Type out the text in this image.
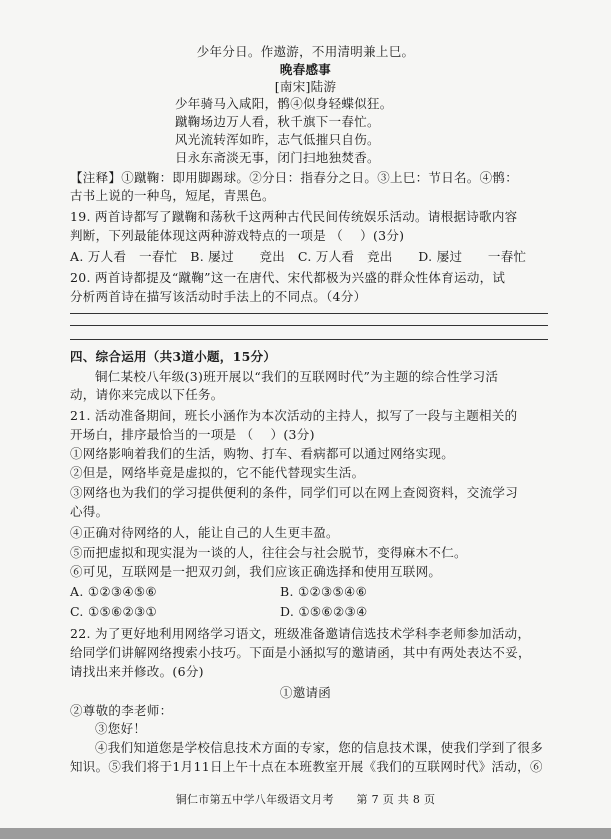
少年分日。作遨游，不用清明兼上巳。
晚春感事
[南宋]陆游
少年骑马入咸阳，鹘④似身轻蝶似狂。
蹴鞠场边万人看，秋千旗下一春忙。
风光流转浑如昨，志气低摧只自伤。
日永东斋淡无事，闭门扫地独焚香。
【注释】①蹴鞠：即用脚踢球。②分日：指春分之日。③上巳：节日名。④鹘：
古书上说的一种鸟，短尾，青黑色。
19. 两首诗都写了蹴鞠和荡秋千这两种古代民间传统娱乐活动。请根据诗歌内容
判断，下列最能体现这两种游戏特点的一项是 （　 ）(3分)
A. 万人看　一春忙　B. 屡过　　竞出　C. 万人看　竞出　　D. 屡过　　一春忙
20. 两首诗都提及“蹴鞠”这一在唐代、宋代都极为兴盛的群众性体育运动，试
分析两首诗在描写该活动时手法上的不同点。（4分）
四、综合运用（共3道小题，15分）
铜仁某校八年级(3)班开展以“我们的互联网时代”为主题的综合性学习活
动，请你来完成以下任务。
21. 活动准备期间，班长小涵作为本次活动的主持人，拟写了一段与主题相关的
开场白，排序最恰当的一项是 （　 ）(3分)
①网络影响着我们的生活，购物、打车、看病都可以通过网络实现。
②但是，网络毕竟是虚拟的，它不能代替现实生活。
③网络也为我们的学习提供便利的条件，同学们可以在网上查阅资料，交流学习
心得。
④正确对待网络的人，能让自己的人生更丰盈。
⑤而把虚拟和现实混为一谈的人，往往会与社会脱节，变得麻木不仁。
⑥可见，互联网是一把双刃剑，我们应该正确选择和使用互联网。
A. ①②③④⑤⑥	B. ①②③⑤④⑥
C. ①⑤⑥②③①	D. ①⑤⑥②③④
22. 为了更好地利用网络学习语文，班级准备邀请信选技术学科李老师参加活动，
给同学们讲解网络搜索小技巧。下面是小涵拟写的邀请函，其中有两处表达不妥，
请找出来并修改。(6分)
①邀请函
②尊敬的李老师：
③您好！
④我们知道您是学校信息技术方面的专家，您的信息技术课，使我们学到了很多
知识。⑤我们将于1月11日上午十点在本班教室开展《我们的互联网时代》活动，⑥
铜仁市第五中学八年级语文月考　　第 7 页 共 8 页
